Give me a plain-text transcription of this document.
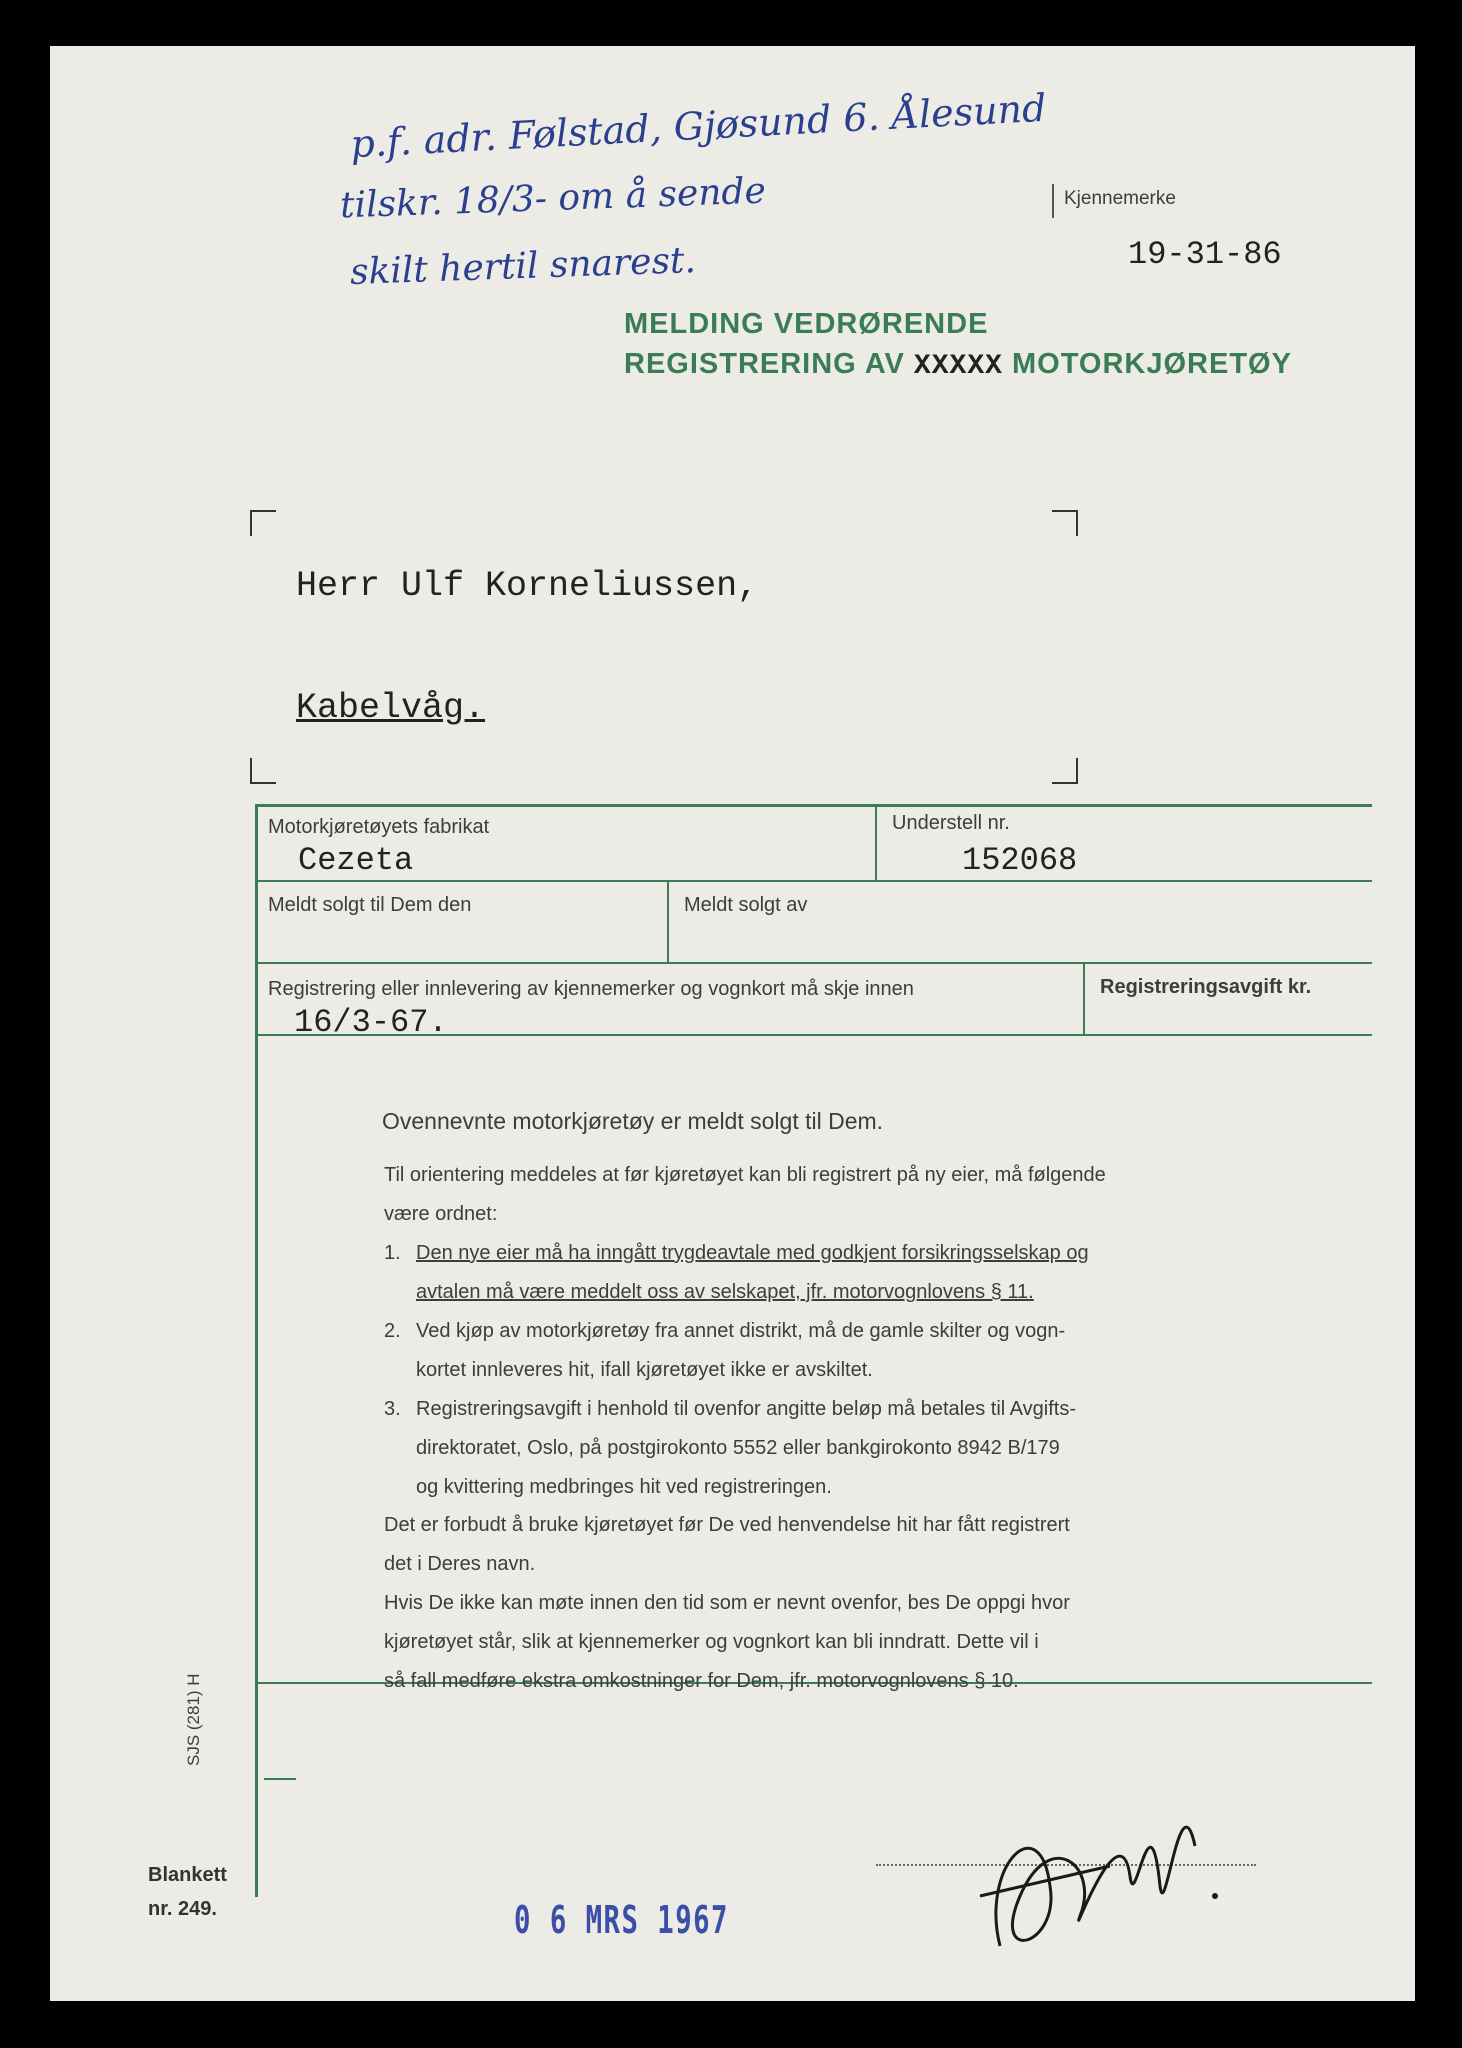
p.f. adr. Følstad, Gjøsund 6. Ålesund
tilskr. 18/3- om å sende
skilt hertil snarest.
Kjennemerke
19-31-86
MELDING VEDRØRENDE
REGISTRERING AV XXXXX MOTORKJØRETØY
Herr Ulf Korneliussen,
Kabelvåg.
Motorkjøretøyets fabrikat
Cezeta
Understell nr.
152068
Meldt solgt til Dem den	Meldt solgt av
Registrering eller innlevering av kjennemerker og vognkort må skje innen
16/3-67.
Registreringsavgift kr.
Ovennevnte motorkjøretøy er meldt solgt til Dem.
Til orientering meddeles at før kjøretøyet kan bli registrert på ny eier, må følgende
være ordnet:
1. Den nye eier må ha inngått trygdeavtale med godkjent forsikringsselskap og
avtalen må være meddelt oss av selskapet, jfr. motorvognlovens § 11.
2. Ved kjøp av motorkjøretøy fra annet distrikt, må de gamle skilter og vogn-
kortet innleveres hit, ifall kjøretøyet ikke er avskiltet.
3. Registreringsavgift i henhold til ovenfor angitte beløp må betales til Avgifts-
direktoratet, Oslo, på postgirokonto 5552 eller bankgirokonto 8942 B/179
og kvittering medbringes hit ved registreringen.
Det er forbudt å bruke kjøretøyet før De ved henvendelse hit har fått registrert
det i Deres navn.
Hvis De ikke kan møte innen den tid som er nevnt ovenfor, bes De oppgi hvor
kjøretøyet står, slik at kjennemerker og vognkort kan bli inndratt. Dette vil i
så fall medføre ekstra omkostninger for Dem, jfr. motorvognlovens § 10.
SJS (281) H
Blankett
nr. 249.	0 6 MRS 1967
